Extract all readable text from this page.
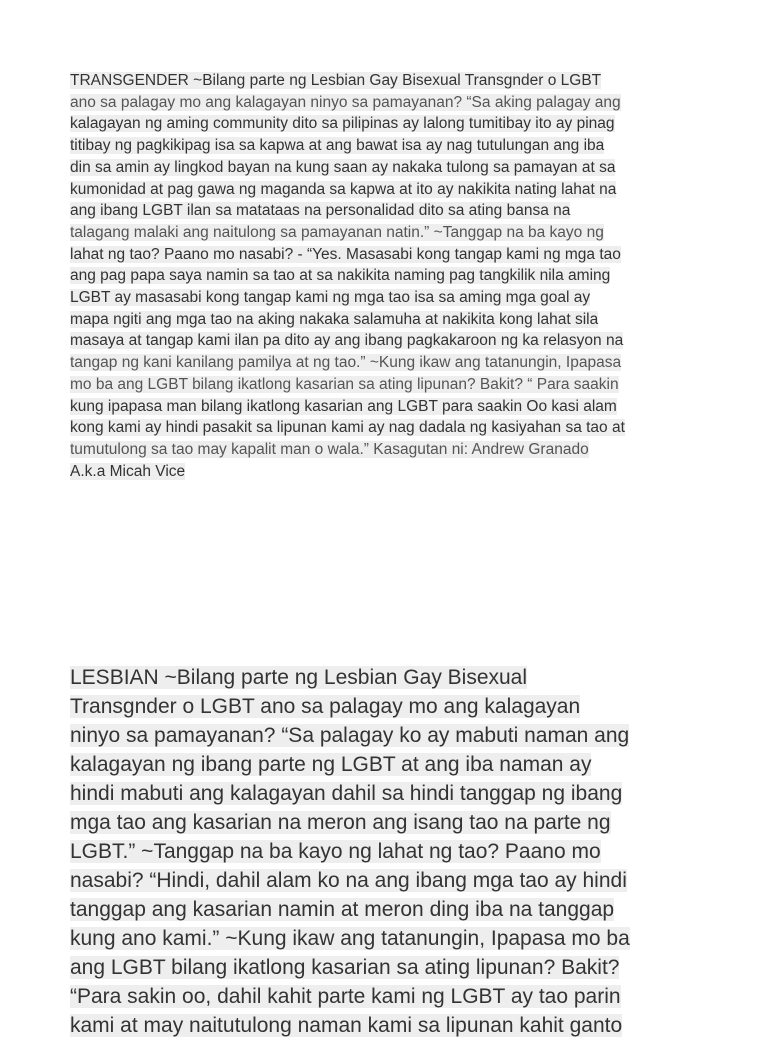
TRANSGENDER ~Bilang parte ng Lesbian Gay Bisexual Transgnder o LGBT
ano sa palagay mo ang kalagayan ninyo sa pamayanan? “Sa aking palagay ang
kalagayan ng aming community dito sa pilipinas ay lalong tumitibay ito ay pinag
titibay ng pagkikipag isa sa kapwa at ang bawat isa ay nag tutulungan ang iba
din sa amin ay lingkod bayan na kung saan ay nakaka tulong sa pamayan at sa
kumonidad at pag gawa ng maganda sa kapwa at ito ay nakikita nating lahat na
ang ibang LGBT ilan sa matataas na personalidad dito sa ating bansa na
talagang malaki ang naitulong sa pamayanan natin.” ~Tanggap na ba kayo ng
lahat ng tao? Paano mo nasabi? - “Yes. Masasabi kong tangap kami ng mga tao
ang pag papa saya namin sa tao at sa nakikita naming pag tangkilik nila aming
LGBT ay masasabi kong tangap kami ng mga tao isa sa aming mga goal ay
mapa ngiti ang mga tao na aking nakaka salamuha at nakikita kong lahat sila
masaya at tangap kami ilan pa dito ay ang ibang pagkakaroon ng ka relasyon na
tangap ng kani kanilang pamilya at ng tao.” ~Kung ikaw ang tatanungin, Ipapasa
mo ba ang LGBT bilang ikatlong kasarian sa ating lipunan? Bakit? “ Para saakin
kung ipapasa man bilang ikatlong kasarian ang LGBT para saakin Oo kasi alam
kong kami ay hindi pasakit sa lipunan kami ay nag dadala ng kasiyahan sa tao at
tumutulong sa tao may kapalit man o wala.” Kasagutan ni: Andrew Granado
A.k.a Micah Vice
LESBIAN ~Bilang parte ng Lesbian Gay Bisexual
Transgnder o LGBT ano sa palagay mo ang kalagayan
ninyo sa pamayanan? “Sa palagay ko ay mabuti naman ang
kalagayan ng ibang parte ng LGBT at ang iba naman ay
hindi mabuti ang kalagayan dahil sa hindi tanggap ng ibang
mga tao ang kasarian na meron ang isang tao na parte ng
LGBT.” ~Tanggap na ba kayo ng lahat ng tao? Paano mo
nasabi? “Hindi, dahil alam ko na ang ibang mga tao ay hindi
tanggap ang kasarian namin at meron ding iba na tanggap
kung ano kami.” ~Kung ikaw ang tatanungin, Ipapasa mo ba
ang LGBT bilang ikatlong kasarian sa ating lipunan? Bakit?
“Para sakin oo, dahil kahit parte kami ng LGBT ay tao parin
kami at may naitutulong naman kami sa lipunan kahit ganto
